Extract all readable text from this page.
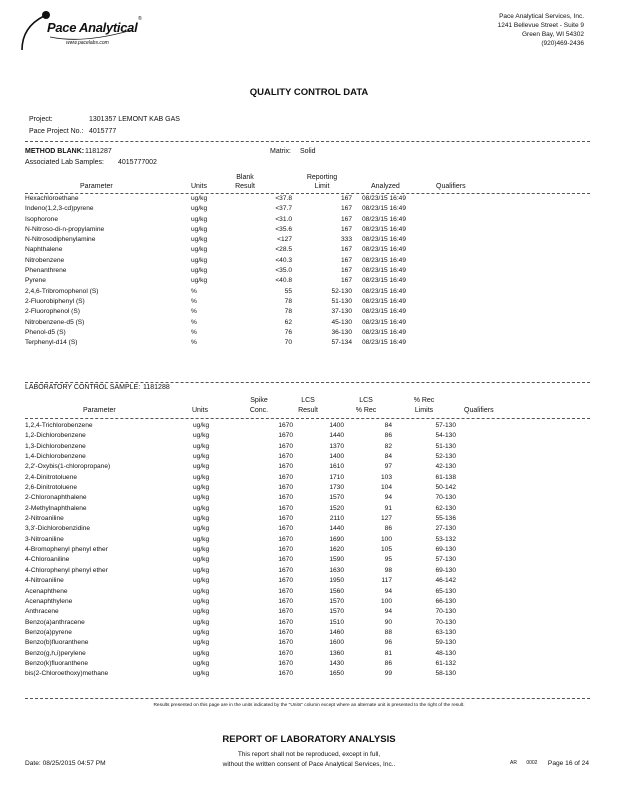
Pace Analytical
®
www.pacelabs.com
Pace Analytical Services, Inc.
1241 Bellevue Street - Suite 9
Green Bay, WI 54302
(920)469-2436
QUALITY CONTROL DATA
Project:	1301357 LEMONT KAB GAS
Pace Project No.: 4015777
METHOD BLANK: 1181287	Matrix: Solid
Associated Lab Samples: 4015777002
Blank
Result
Reporting
Limit
Parameter	Units	Analyzed	Qualifiers
Hexachloroethane	ug/kg	<37.8	167 08/23/15 16:49
Indeno(1,2,3-cd)pyrene	ug/kg	<37.7	167 08/23/15 16:49
Isophorone	ug/kg	<31.0	167 08/23/15 16:49
N-Nitroso-di-n-propylamine	ug/kg	<35.6	167 08/23/15 16:49
N-Nitrosodiphenylamine	ug/kg	<127	333 08/23/15 16:49
Naphthalene	ug/kg	<28.5	167 08/23/15 16:49
Nitrobenzene	ug/kg	<40.3	167 08/23/15 16:49
Phenanthrene	ug/kg	<35.0	167 08/23/15 16:49
Pyrene	ug/kg	<40.8	167 08/23/15 16:49
2,4,6-Tribromophenol (S)	%	55	52-130 08/23/15 16:49
2-Fluorobiphenyl (S)	%	78	51-130 08/23/15 16:49
2-Fluorophenol (S)	%	78	37-130 08/23/15 16:49
Nitrobenzene-d5 (S)	%	62	45-130 08/23/15 16:49
Phenol-d5 (S)	%	76	36-130 08/23/15 16:49
Terphenyl-d14 (S)	%	70	57-134 08/23/15 16:49
LABORATORY CONTROL SAMPLE: 1181288
Spike
Conc.
LCS
Result
LCS
% Rec
% Rec
Limits
Parameter	Units	Qualifiers
1,2,4-Trichlorobenzene	ug/kg	1670	1400	84	57-130
1,2-Dichlorobenzene	ug/kg	1670	1440	86	54-130
1,3-Dichlorobenzene	ug/kg	1670	1370	82	51-130
1,4-Dichlorobenzene	ug/kg	1670	1400	84	52-130
2,2'-Oxybis(1-chloropropane)	ug/kg	1670	1610	97	42-130
2,4-Dinitrotoluene	ug/kg	1670	1710	103	61-138
2,6-Dinitrotoluene	ug/kg	1670	1730	104	50-142
2-Chloronaphthalene	ug/kg	1670	1570	94	70-130
2-Methylnaphthalene	ug/kg	1670	1520	91	62-130
2-Nitroaniline	ug/kg	1670	2110	127	55-136
3,3'-Dichlorobenzidine	ug/kg	1670	1440	86	27-130
3-Nitroaniline	ug/kg	1670	1690	100	53-132
4-Bromophenyl phenyl ether	ug/kg	1670	1620	105	69-130
4-Chloroaniline	ug/kg	1670	1590	95	57-130
4-Chlorophenyl phenyl ether	ug/kg	1670	1630	98	69-130
4-Nitroaniline	ug/kg	1670	1950	117	46-142
Acenaphthene	ug/kg	1670	1560	94	65-130
Acenaphthylene	ug/kg	1670	1570	100	66-130
Anthracene	ug/kg	1670	1570	94	70-130
Benzo(a)anthracene	ug/kg	1670	1510	90	70-130
Benzo(a)pyrene	ug/kg	1670	1460	88	63-130
Benzo(b)fluoranthene	ug/kg	1670	1600	96	59-130
Benzo(g,h,i)perylene	ug/kg	1670	1360	81	48-130
Benzo(k)fluoranthene	ug/kg	1670	1430	86	61-132
bis(2-Chloroethoxy)methane	ug/kg	1670	1650	99	58-130
Results presented on this page are in the units indicated by the "Units" column except where an alternate unit is presented to the right of the result.
REPORT OF LABORATORY ANALYSIS
This report shall not be reproduced, except in full,
without the written consent of Pace Analytical Services, Inc..
Date: 08/25/2015 04:57 PM	AR 0002 Page 16 of 24
